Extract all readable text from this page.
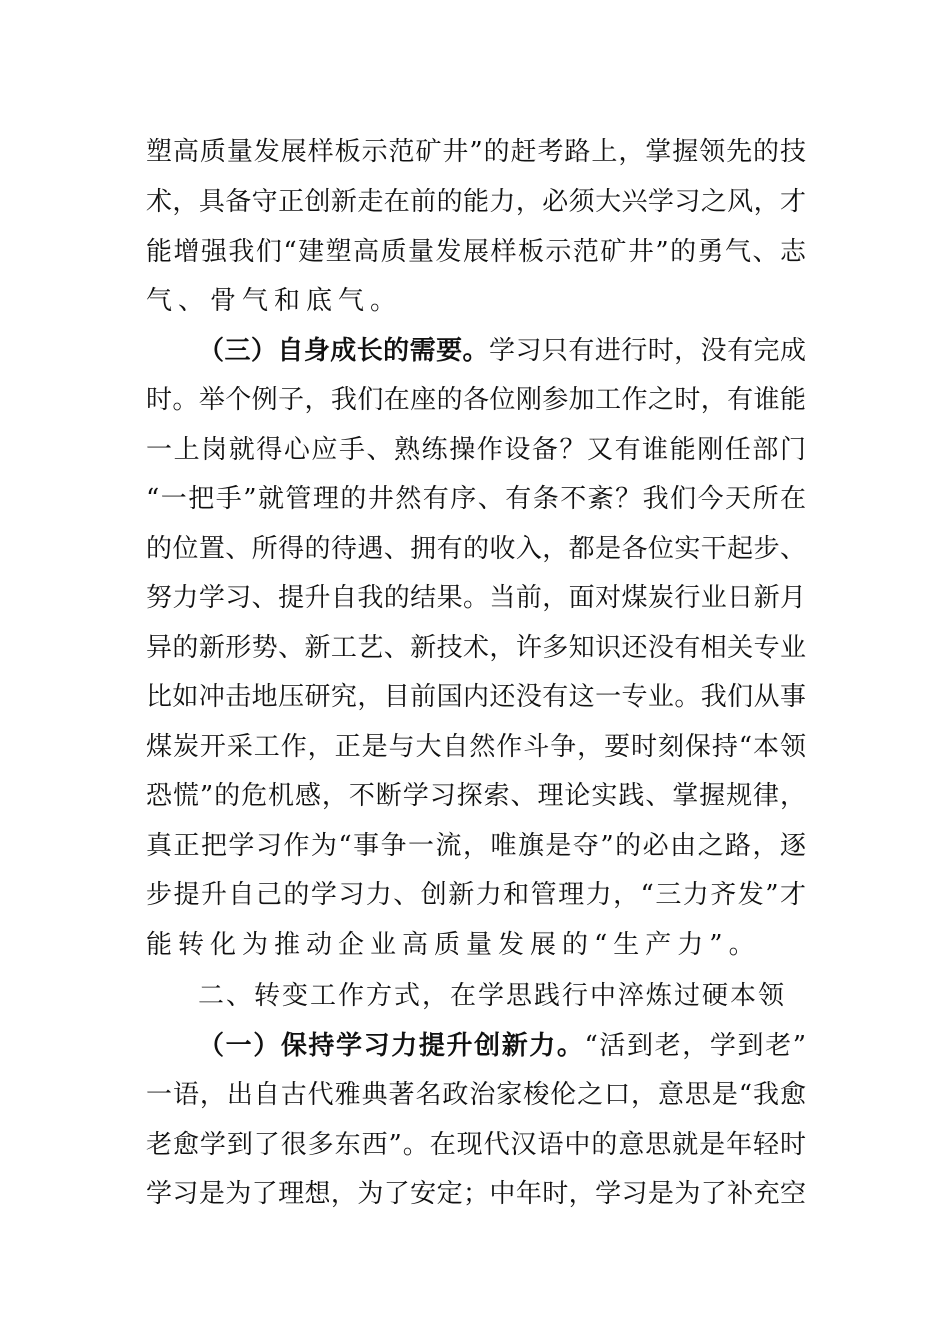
塑高质量发展样板示范矿井”的赶考路上，掌握领先的技
术，具备守正创新走在前的能力，必须大兴学习之风，才
能增强我们“建塑高质量发展样板示范矿井”的勇气、志
气、骨气和底气。
（三）自身成长的需要。学习只有进行时，没有完成
时。举个例子，我们在座的各位刚参加工作之时，有谁能
一上岗就得心应手、熟练操作设备？又有谁能刚任部门
“一把手”就管理的井然有序、有条不紊？我们今天所在
的位置、所得的待遇、拥有的收入，都是各位实干起步、
努力学习、提升自我的结果。当前，面对煤炭行业日新月
异的新形势、新工艺、新技术，许多知识还没有相关专业
比如冲击地压研究，目前国内还没有这一专业。我们从事
煤炭开采工作，正是与大自然作斗争，要时刻保持“本领
恐慌”的危机感，不断学习探索、理论实践、掌握规律，
真正把学习作为“事争一流，唯旗是夺”的必由之路，逐
步提升自己的学习力、创新力和管理力，“三力齐发”才
能转化为推动企业高质量发展的“生产力”。
二、转变工作方式，在学思践行中淬炼过硬本领
（一）保持学习力提升创新力。“活到老，学到老”
一语，出自古代雅典著名政治家梭伦之口，意思是“我愈
老愈学到了很多东西”。在现代汉语中的意思就是年轻时
学习是为了理想，为了安定；中年时，学习是为了补充空
